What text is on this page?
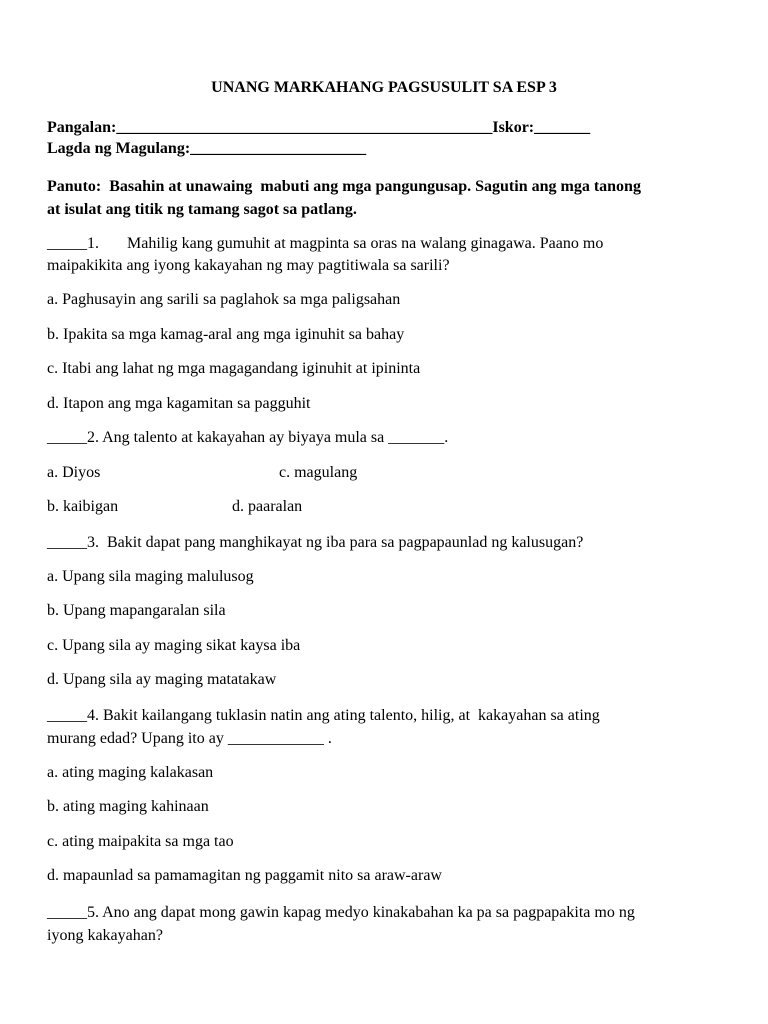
UNANG MARKAHANG PAGSUSULIT SA ESP 3
Pangalan:_______________________________________________Iskor:_______
Lagda ng Magulang:______________________
Panuto:  Basahin at unawaing  mabuti ang mga pangungusap. Sagutin ang mga tanong
at isulat ang titik ng tamang sagot sa patlang.
_____1.       Mahilig kang gumuhit at magpinta sa oras na walang ginagawa. Paano mo
maipakikita ang iyong kakayahan ng may pagtitiwala sa sarili?
a. Paghusayin ang sarili sa paglahok sa mga paligsahan
b. Ipakita sa mga kamag-aral ang mga iginuhit sa bahay
c. Itabi ang lahat ng mga magagandang iginuhit at ipininta
d. Itapon ang mga kagamitan sa pagguhit
_____2. Ang talento at kakayahan ay biyaya mula sa _______.
a. Diyos	c. magulang
b. kaibigan	d. paaralan
_____3.  Bakit dapat pang manghikayat ng iba para sa pagpapaunlad ng kalusugan?
a. Upang sila maging malulusog
b. Upang mapangaralan sila
c. Upang sila ay maging sikat kaysa iba
d. Upang sila ay maging matatakaw
_____4. Bakit kailangang tuklasin natin ang ating talento, hilig, at  kakayahan sa ating
murang edad? Upang ito ay ____________ .
a. ating maging kalakasan
b. ating maging kahinaan
c. ating maipakita sa mga tao
d. mapaunlad sa pamamagitan ng paggamit nito sa araw-araw
_____5. Ano ang dapat mong gawin kapag medyo kinakabahan ka pa sa pagpapakita mo ng
iyong kakayahan?
